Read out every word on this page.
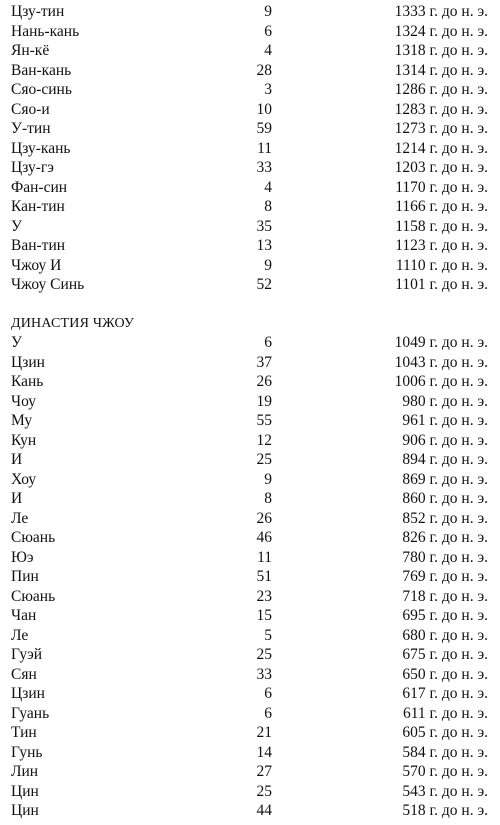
Цзу-тин	9	1333 г. до н. э.
Нань-кань	6	1324 г. до н. э.
Ян-кё	4	1318 г. до н. э.
Ван-кань	28	1314 г. до н. э.
Сяо-синь	3	1286 г. до н. э.
Сяо-и	10	1283 г. до н. э.
У-тин	59	1273 г. до н. э.
Цзу-кань	11	1214 г. до н. э.
Цзу-гэ	33	1203 г. до н. э.
Фан-син	4	1170 г. до н. э.
Кан-тин	8	1166 г. до н. э.
У	35	1158 г. до н. э.
Ван-тин	13	1123 г. до н. э.
Чжоу И	9	1110 г. до н. э.
Чжоу Синь	52	1101 г. до н. э.
ДИНАСТИЯ ЧЖОУ
У	6	1049 г. до н. э.
Цзин	37	1043 г. до н. э.
Кань	26	1006 г. до н. э.
Чоу	19	980 г. до н. э.
Му	55	961 г. до н. э.
Кун	12	906 г. до н. э.
И	25	894 г. до н. э.
Хоу	9	869 г. до н. э.
И	8	860 г. до н. э.
Ле	26	852 г. до н. э.
Сюань	46	826 г. до н. э.
Юэ	11	780 г. до н. э.
Пин	51	769 г. до н. э.
Сюань	23	718 г. до н. э.
Чан	15	695 г. до н. э.
Ле	5	680 г. до н. э.
Гуэй	25	675 г. до н. э.
Сян	33	650 г. до н. э.
Цзин	6	617 г. до н. э.
Гуань	6	611 г. до н. э.
Тин	21	605 г. до н. э.
Гунь	14	584 г. до н. э.
Лин	27	570 г. до н. э.
Цин	25	543 г. до н. э.
Цин	44	518 г. до н. э.
